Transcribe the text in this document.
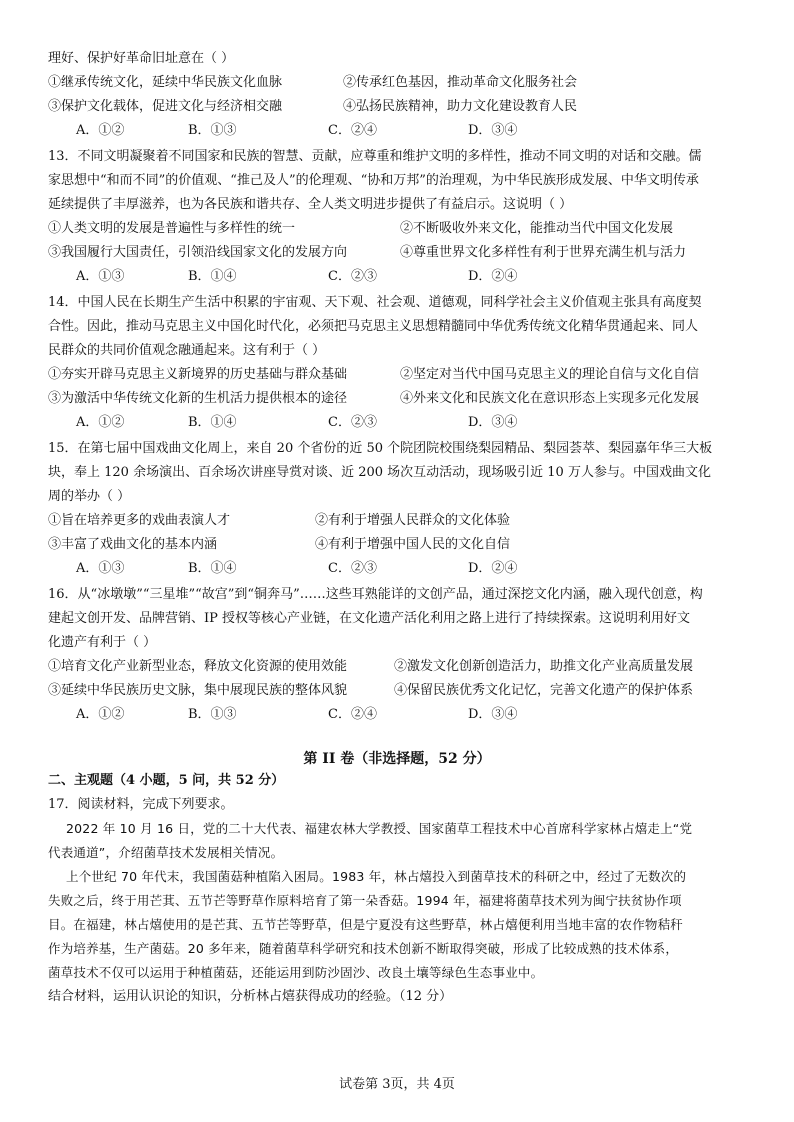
理好、保护好革命旧址意在（ ）
①继承传统文化，延续中华民族文化血脉	②传承红色基因，推动革命文化服务社会
③保护文化载体，促进文化与经济相交融	④弘扬民族精神，助力文化建设教育人民
A．①②	B．①③	C．②④	D．③④
13．不同文明凝聚着不同国家和民族的智慧、贡献，应尊重和维护文明的多样性，推动不同文明的对话和交融。儒
家思想中“和而不同”的价值观、“推己及人”的伦理观、“协和万邦”的治理观，为中华民族形成发展、中华文明传承
延续提供了丰厚滋养，也为各民族和谐共存、全人类文明进步提供了有益启示。这说明（ ）
①人类文明的发展是普遍性与多样性的统一	②不断吸收外来文化，能推动当代中国文化发展
③我国履行大国责任，引领沿线国家文化的发展方向	④尊重世界文化多样性有利于世界充满生机与活力
A．①③	B．①④	C．②③	D．②④
14．中国人民在长期生产生活中积累的宇宙观、天下观、社会观、道德观，同科学社会主义价值观主张具有高度契
合性。因此，推动马克思主义中国化时代化，必须把马克思主义思想精髓同中华优秀传统文化精华贯通起来、同人
民群众的共同价值观念融通起来。这有利于（ ）
①夯实开辟马克思主义新境界的历史基础与群众基础	②坚定对当代中国马克思主义的理论自信与文化自信
③为激活中华传统文化新的生机活力提供根本的途径	④外来文化和民族文化在意识形态上实现多元化发展
A．①②	B．①④	C．②③	D．③④
15．在第七届中国戏曲文化周上，来自 20 个省份的近 50 个院团院校围绕梨园精品、梨园荟萃、梨园嘉年华三大板
块，奉上 120 余场演出、百余场次讲座导赏对谈、近 200 场次互动活动，现场吸引近 10 万人参与。中国戏曲文化
周的举办（ ）
①旨在培养更多的戏曲表演人才	②有利于增强人民群众的文化体验
③丰富了戏曲文化的基本内涵	④有利于增强中国人民的文化自信
A．①③	B．①④	C．②③	D．②④
16．从“冰墩墩”“三星堆”“故宫”到“铜奔马”……这些耳熟能详的文创产品，通过深挖文化内涵，融入现代创意，构
建起文创开发、品牌营销、IP 授权等核心产业链，在文化遗产活化利用之路上进行了持续探索。这说明利用好文
化遗产有利于（ ）
①培育文化产业新型业态，释放文化资源的使用效能	②激发文化创新创造活力，助推文化产业高质量发展
③延续中华民族历史文脉，集中展现民族的整体风貌	④保留民族优秀文化记忆，完善文化遗产的保护体系
A．①②	B．①③	C．②④	D．③④
第 II 卷（非选择题，52 分）
二、主观题（4 小题，5 问，共 52 分）
17．阅读材料，完成下列要求。
2022 年 10 月 16 日，党的二十大代表、福建农林大学教授、国家菌草工程技术中心首席科学家林占熺走上“党
代表通道”，介绍菌草技术发展相关情况。
上个世纪 70 年代末，我国菌菇种植陷入困局。1983 年，林占熺投入到菌草技术的科研之中，经过了无数次的
失败之后，终于用芒萁、五节芒等野草作原料培育了第一朵香菇。1994 年，福建将菌草技术列为闽宁扶贫协作项
目。在福建，林占熺使用的是芒萁、五节芒等野草，但是宁夏没有这些野草，林占熺便利用当地丰富的农作物秸秆
作为培养基，生产菌菇。20 多年来，随着菌草科学研究和技术创新不断取得突破，形成了比较成熟的技术体系，
菌草技术不仅可以运用于种植菌菇，还能运用到防沙固沙、改良土壤等绿色生态事业中。
结合材料，运用认识论的知识，分析林占熺获得成功的经验。（12 分）
试卷第 3页，共 4页
